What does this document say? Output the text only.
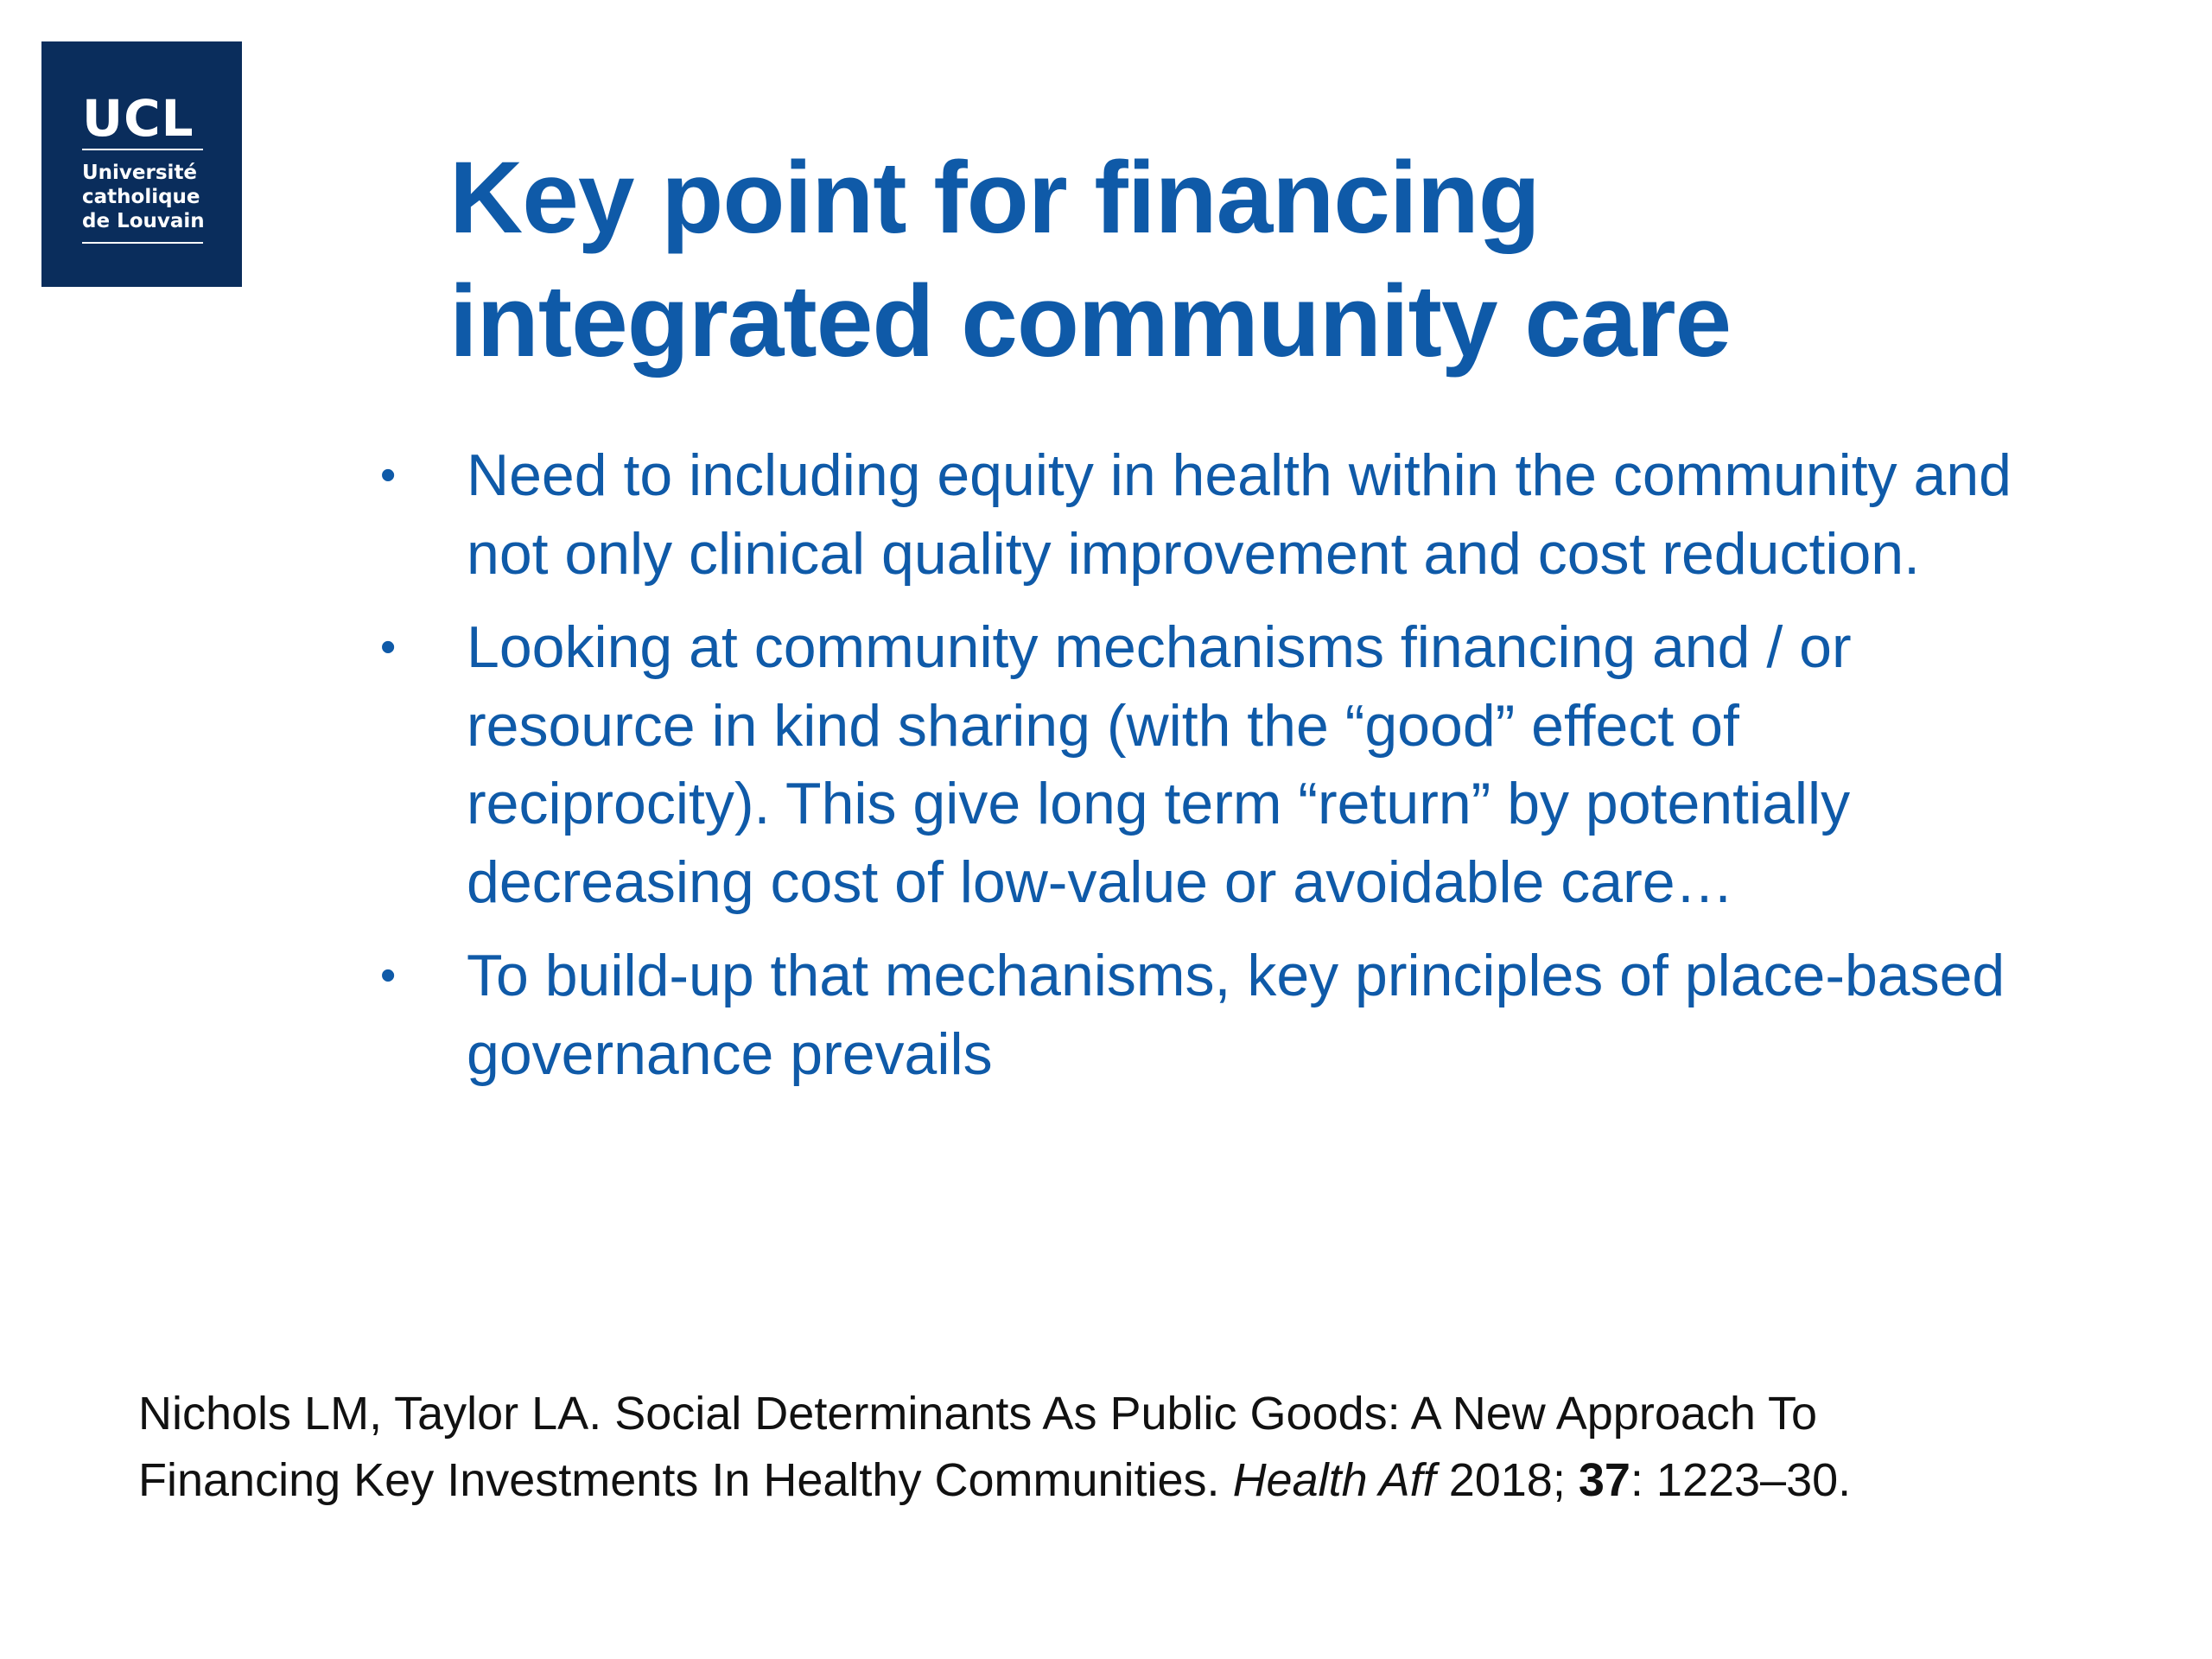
UCL
Université
catholique
de Louvain Key point for financing
integrated community care
•	Need to including equity in health within the community and not only clinical quality improvement and cost reduction.
•	Looking at community mechanisms financing and / or resource in kind sharing (with the “good” effect of reciprocity). This give long term “return” by potentially decreasing cost of low-value or avoidable care…
•	To build-up that mechanisms, key principles of place-based governance prevails
Nichols LM, Taylor LA. Social Determinants As Public Goods: A New Approach To
Financing Key Investments In Healthy Communities. Health Aff 2018; 37: 1223–30.
